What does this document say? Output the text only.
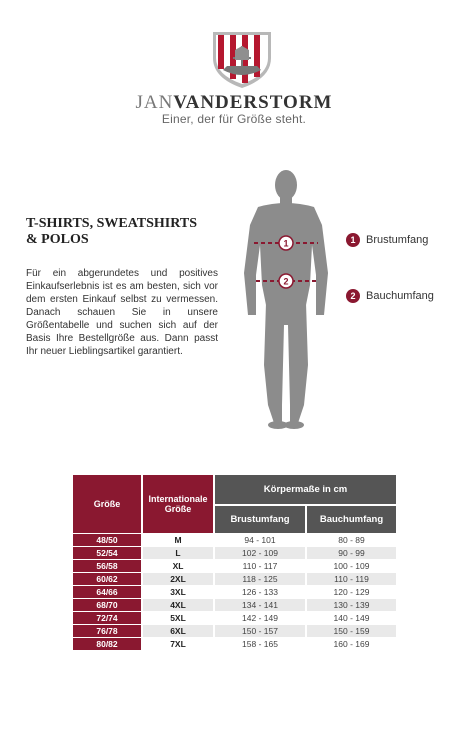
JANVANDERSTORM
Einer, der für Größe steht.
T-SHIRTS, SWEATSHIRTS
& POLOS
Für ein abgerundetes und positives Einkaufserlebnis ist es am besten, sich vor dem ersten Einkauf selbst zu vermessen. Danach schauen Sie in unsere Größentabelle und suchen sich auf der Basis Ihre Bestellgröße aus. Dann passt Ihr neuer Lieblingsartikel garantiert.
1
2
1 Brustumfang
2 Bauchumfang
Größe		Internationale Größe		Körpermaße in cm		
				Brustumfang		Bauchumfang
48/50		M		94 - 101		80 - 89
52/54		L		102 - 109		90 - 99
56/58		XL		110 - 117		100 - 109
60/62		2XL		118 - 125		110 - 119
64/66		3XL		126 - 133		120 - 129
68/70		4XL		134 - 141		130 - 139
72/74		5XL		142 - 149		140 - 149
76/78		6XL		150 - 157		150 - 159
80/82		7XL		158 - 165		160 - 169
